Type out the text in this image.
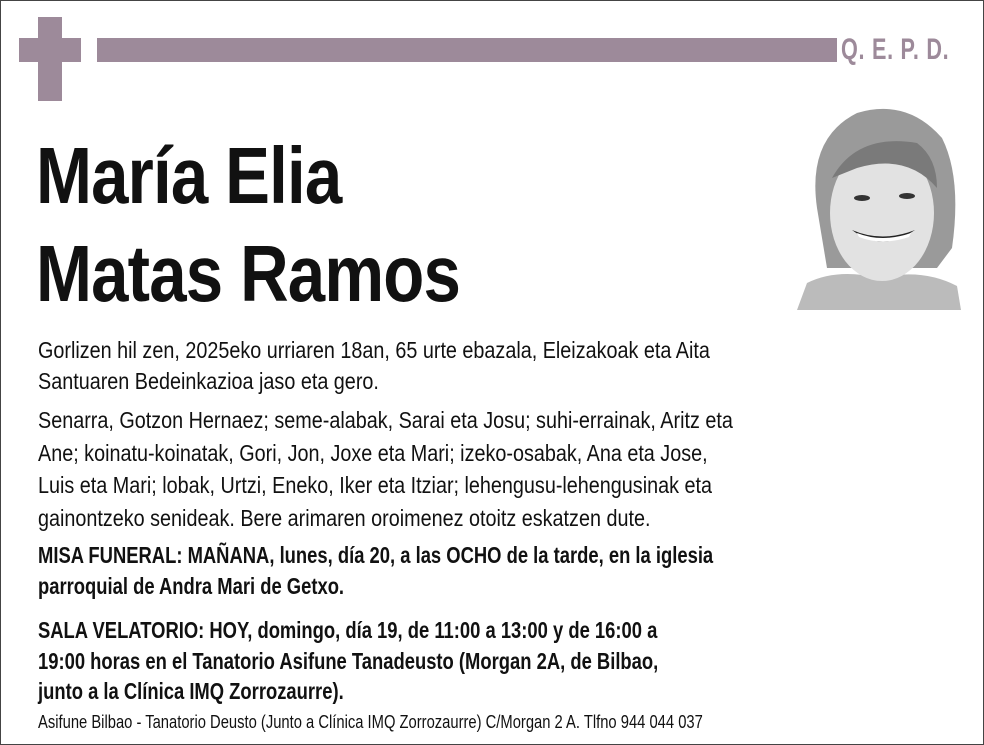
Q. E. P. D.
María Elia
Matas Ramos
Gorlizen hil zen, 2025eko urriaren 18an, 65 urte ebazala, Eleizakoak eta Aita
Santuaren Bedeinkazioa jaso eta gero.
Senarra, Gotzon Hernaez; seme-alabak, Sarai eta Josu; suhi-errainak, Aritz eta
Ane; koinatu-koinatak, Gori, Jon, Joxe eta Mari; izeko-osabak, Ana eta Jose,
Luis eta Mari; lobak, Urtzi, Eneko, Iker eta Itziar; lehengusu-lehengusinak eta
gainontzeko senideak. Bere arimaren oroimenez otoitz eskatzen dute.
MISA FUNERAL: MAÑANA, lunes, día 20, a las OCHO de la tarde, en la iglesia
parroquial de Andra Mari de Getxo.
SALA VELATORIO: HOY, domingo, día 19, de 11:00 a 13:00 y de 16:00 a
19:00 horas en el Tanatorio Asifune Tanadeusto (Morgan 2A, de Bilbao,
junto a la Clínica IMQ Zorrozaurre).
Asifune Bilbao - Tanatorio Deusto (Junto a Clínica IMQ Zorrozaurre) C/Morgan 2 A. Tlfno 944 044 037
